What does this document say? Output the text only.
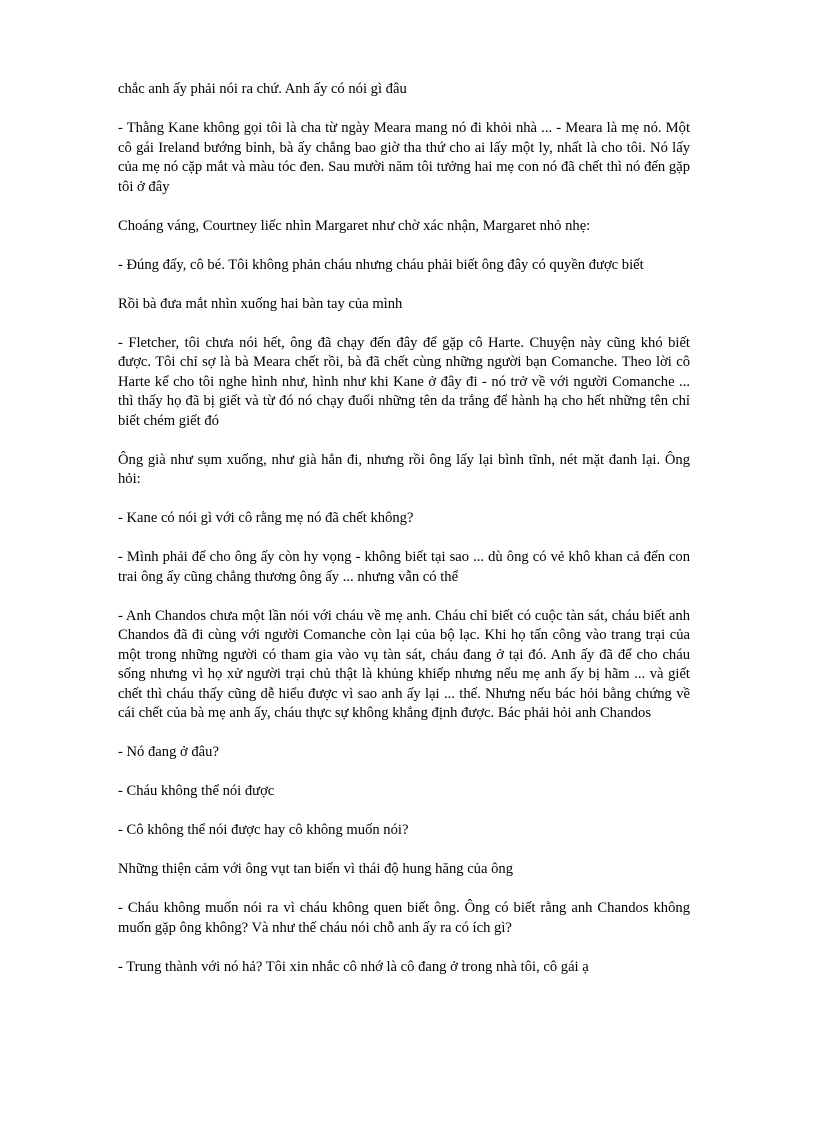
chắc anh ấy phải nói ra chứ. Anh ấy có nói gì đâu

- Thằng Kane không gọi tôi là cha từ ngày Meara mang nó đi khỏi nhà ... - Meara là mẹ nó. Một cô gái Ireland bướng bỉnh, bà ấy chẳng bao giờ tha thứ cho ai lấy một ly, nhất là cho tôi. Nó lấy của mẹ nó cặp mắt và màu tóc đen. Sau mười năm tôi tưởng hai mẹ con nó đã chết thì nó đến gặp tôi ở đây

Choáng váng, Courtney liếc nhìn Margaret như chờ xác nhận, Margaret nhỏ nhẹ:

- Đúng đấy, cô bé. Tôi không phản cháu nhưng cháu phải biết ông đây có quyền được biết

Rồi bà đưa mắt nhìn xuống hai bàn tay của mình

- Fletcher, tôi chưa nói hết, ông đã chạy đến đây để gặp cô Harte. Chuyện này cũng khó biết được. Tôi chỉ sợ là bà Meara chết rồi, bà đã chết cùng những người bạn Comanche. Theo lời cô Harte kể cho tôi nghe hình như, hình như khi Kane ở đây đi - nó trở về với người Comanche ... thì thấy họ đã bị giết và từ đó nó chạy đuổi những tên da trắng để hành hạ cho hết những tên chỉ biết chém giết đó

Ông già như sụm xuống, như già hẳn đi, nhưng rồi ông lấy lại bình tĩnh, nét mặt đanh lại. Ông hỏi:

- Kane có nói gì với cô rằng mẹ nó đã chết không?

- Mình phải để cho ông ấy còn hy vọng - không biết tại sao ... dù ông có vẻ khô khan cả đến con trai ông ấy cũng chẳng thương ông ấy ... nhưng vẫn có thể

- Anh Chandos chưa một lần nói với cháu về mẹ anh. Cháu chỉ biết có cuộc tàn sát, cháu biết anh Chandos đã đi cùng với người Comanche còn lại của bộ lạc. Khi họ tấn công vào trang trại của một trong những người có tham gia vào vụ tàn sát, cháu đang ở tại đó. Anh ấy đã để cho cháu sống nhưng vì họ xử người trại chủ thật là khủng khiếp nhưng nếu mẹ anh ấy bị hãm ... và giết chết thì cháu thấy cũng dễ hiểu được vì sao anh ấy lại ... thế. Nhưng nếu bác hỏi bằng chứng về cái chết của bà mẹ anh ấy, cháu thực sự không khẳng định được. Bác phải hỏi anh Chandos

- Nó đang ở đâu?

- Cháu không thể nói được

- Cô không thể nói được hay cô không muốn nói?

Những thiện cảm với ông vụt tan biến vì thái độ hung hăng của ông

- Cháu không muốn nói ra vì cháu không quen biết ông. Ông có biết rằng anh Chandos không muốn gặp ông không? Và như thế cháu nói chỗ anh ấy ra có ích gì?

- Trung thành với nó hả? Tôi xin nhắc cô nhớ là cô đang ở trong nhà tôi, cô gái ạ
